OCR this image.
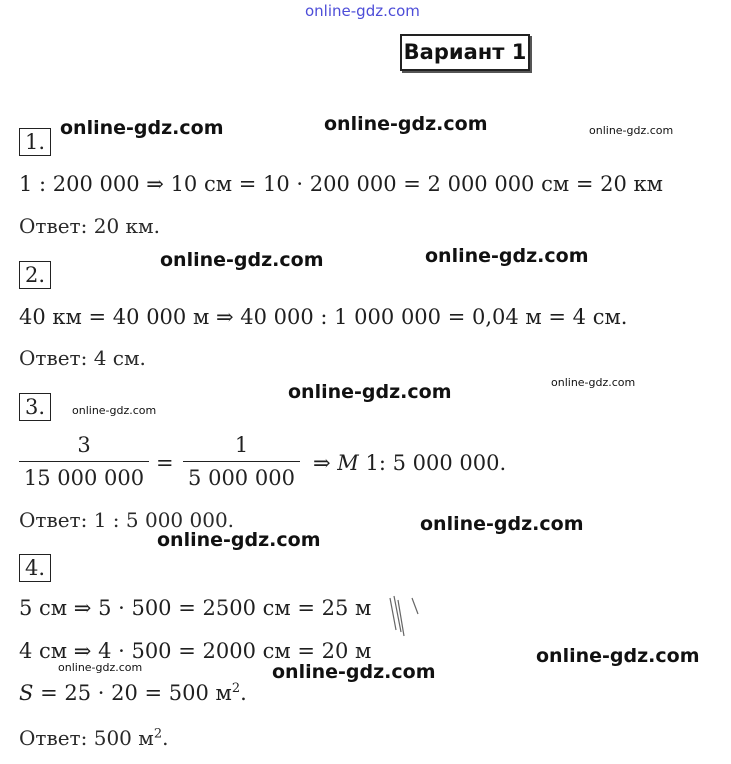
online-gdz.com
Вариант 1
1.
1 : 200 000 ⇒ 10 см = 10 · 200 000 = 2 000 000 см = 20 км
Ответ: 20 км.
2.
40 км = 40 000 м ⇒ 40 000 : 1 000 000 = 0,04 м = 4 см.
Ответ: 4 см.
3.
3
15 000 000
=
1
5 000 000
⇒ M 1: 5 000 000.
Ответ: 1 : 5 000 000.
4.
5 см ⇒ 5 · 500 = 2500 см = 25 м
4 см ⇒ 4 · 500 = 2000 см = 20 м
S = 25 · 20 = 500 $м^2$.
Ответ: 500 $м^2$.
online-gdz.com	online-gdz.com	online-gdz.com
online-gdz.com	online-gdz.com
online-gdz.com	online-gdz.com
online-gdz.com
online-gdz.com
online-gdz.com
online-gdz.com
online-gdz.com	online-gdz.com
